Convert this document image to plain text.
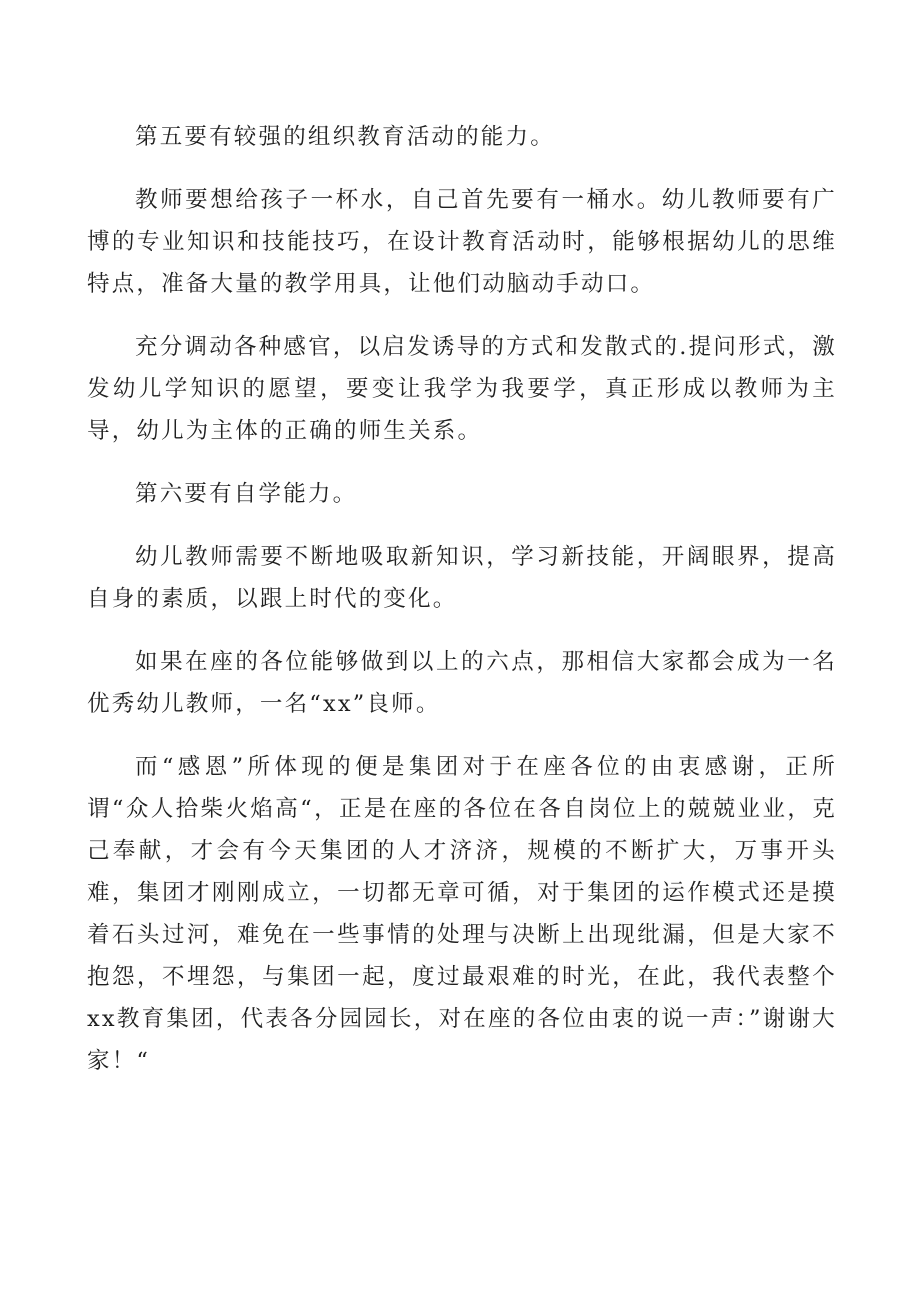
第五要有较强的组织教育活动的能力。

教师要想给孩子一杯水，自己首先要有一桶水。幼儿教师要有广博的专业知识和技能技巧，在设计教育活动时，能够根据幼儿的思维特点，准备大量的教学用具，让他们动脑动手动口。

充分调动各种感官，以启发诱导的方式和发散式的.提问形式，激发幼儿学知识的愿望，要变让我学为我要学，真正形成以教师为主导，幼儿为主体的正确的师生关系。

第六要有自学能力。

幼儿教师需要不断地吸取新知识，学习新技能，开阔眼界，提高自身的素质，以跟上时代的变化。

如果在座的各位能够做到以上的六点，那相信大家都会成为一名优秀幼儿教师，一名“xx”良师。

而“感恩”所体现的便是集团对于在座各位的由衷感谢，正所谓“众人拾柴火焰高“，正是在座的各位在各自岗位上的兢兢业业，克己奉献，才会有今天集团的人才济济，规模的不断扩大，万事开头难，集团才刚刚成立，一切都无章可循，对于集团的运作模式还是摸着石头过河，难免在一些事情的处理与决断上出现纰漏，但是大家不抱怨，不埋怨，与集团一起，度过最艰难的时光，在此，我代表整个xx教育集团，代表各分园园长，对在座的各位由衷的说一声：”谢谢大家！“
